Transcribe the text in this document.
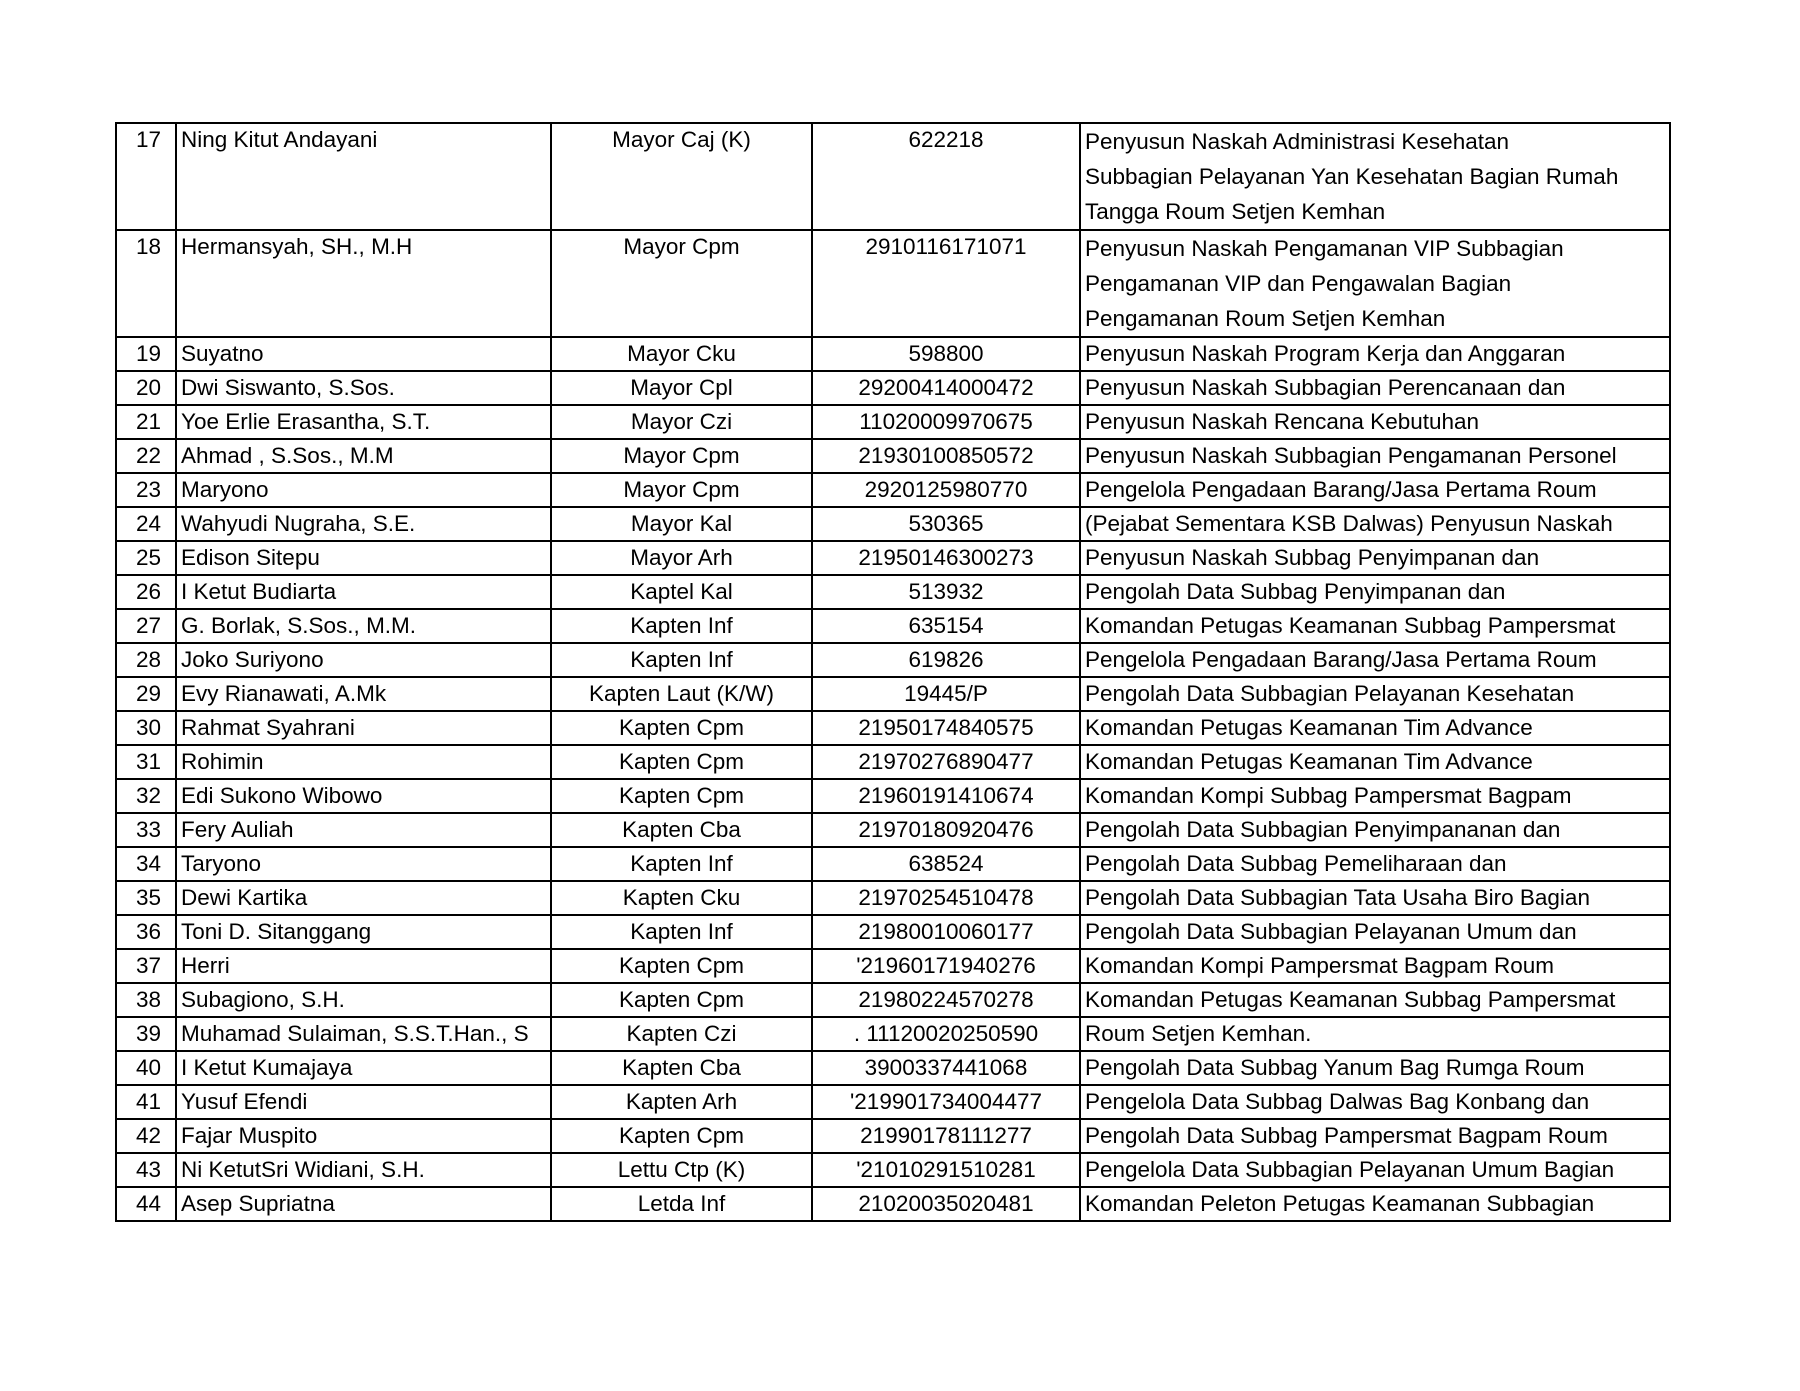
17	Ning Kitut Andayani	Mayor Caj (K)	622218	Penyusun Naskah Administrasi Kesehatan
Subbagian Pelayanan Yan Kesehatan Bagian Rumah
Tangga Roum Setjen Kemhan

18	Hermansyah, SH., M.H	Mayor Cpm	2910116171071	Penyusun Naskah Pengamanan VIP Subbagian
Pengamanan VIP dan Pengawalan Bagian
Pengamanan Roum Setjen Kemhan

19	Suyatno	Mayor Cku	598800	Penyusun Naskah Program Kerja dan Anggaran

20	Dwi Siswanto, S.Sos.	Mayor Cpl	29200414000472	Penyusun Naskah Subbagian Perencanaan dan

21	Yoe Erlie Erasantha, S.T.	Mayor Czi	11020009970675	Penyusun Naskah Rencana Kebutuhan

22	Ahmad , S.Sos., M.M	Mayor Cpm	21930100850572	Penyusun Naskah Subbagian Pengamanan Personel

23	Maryono	Mayor Cpm	2920125980770	Pengelola Pengadaan Barang/Jasa Pertama Roum

24	Wahyudi Nugraha, S.E.	Mayor Kal	530365	(Pejabat Sementara KSB Dalwas) Penyusun Naskah

25	Edison Sitepu	Mayor Arh	21950146300273	Penyusun Naskah Subbag Penyimpanan dan

26	I Ketut Budiarta	Kaptel Kal	513932	Pengolah Data Subbag Penyimpanan dan

27	G. Borlak, S.Sos., M.M.	Kapten Inf	635154	Komandan Petugas Keamanan Subbag Pampersmat

28	Joko Suriyono	Kapten Inf	619826	Pengelola Pengadaan Barang/Jasa Pertama Roum

29	Evy Rianawati, A.Mk	Kapten Laut (K/W)	19445/P	Pengolah Data Subbagian Pelayanan Kesehatan

30	Rahmat Syahrani	Kapten Cpm	21950174840575	Komandan Petugas Keamanan Tim Advance

31	Rohimin	Kapten Cpm	21970276890477	Komandan Petugas Keamanan Tim Advance

32	Edi Sukono Wibowo	Kapten Cpm	21960191410674	Komandan Kompi Subbag Pampersmat Bagpam

33	Fery Auliah	Kapten Cba	21970180920476	Pengolah Data Subbagian Penyimpananan dan

34	Taryono	Kapten Inf	638524	Pengolah Data Subbag Pemeliharaan dan

35	Dewi Kartika	Kapten Cku	21970254510478	Pengolah Data Subbagian Tata Usaha Biro Bagian

36	Toni D. Sitanggang	Kapten Inf	21980010060177	Pengolah Data Subbagian Pelayanan Umum dan

37	Herri	Kapten Cpm	'21960171940276	Komandan Kompi Pampersmat Bagpam Roum

38	Subagiono, S.H.	Kapten Cpm	21980224570278	Komandan Petugas Keamanan Subbag Pampersmat

39	Muhamad Sulaiman, S.S.T.Han., S	Kapten Czi	. 11120020250590	Roum Setjen Kemhan.

40	I Ketut Kumajaya	Kapten Cba	3900337441068	Pengolah Data Subbag Yanum Bag Rumga Roum

41	Yusuf Efendi	Kapten Arh	'219901734004477	Pengelola Data Subbag Dalwas Bag Konbang dan

42	Fajar Muspito	Kapten Cpm	21990178111277	Pengolah Data Subbag Pampersmat Bagpam Roum

43	Ni KetutSri Widiani, S.H.	Lettu Ctp (K)	'21010291510281	Pengelola Data Subbagian Pelayanan Umum Bagian

44	Asep Supriatna	Letda Inf	21020035020481	Komandan Peleton Petugas Keamanan Subbagian
